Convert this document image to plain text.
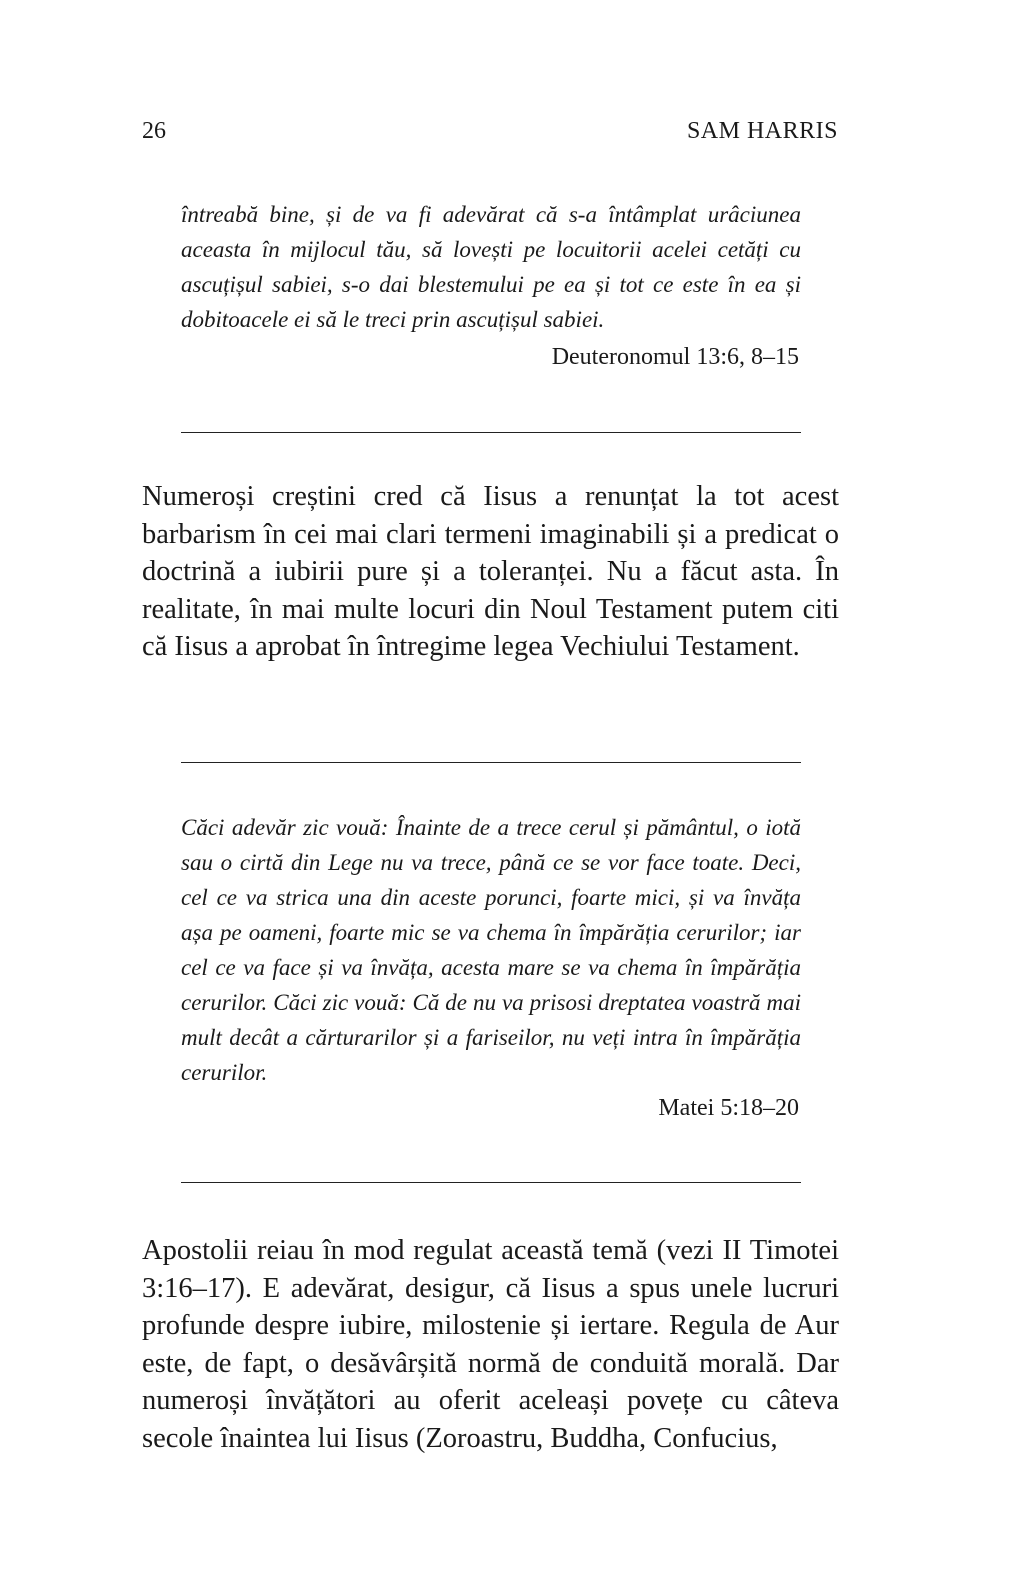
26	SAM HARRIS
întreabă bine, și de va fi adevărat că s-a întâmplat urâciunea aceasta în mijlocul tău, să lovești pe locuitorii acelei cetăți cu ascuțișul sabiei, s-o dai blestemului pe ea și tot ce este în ea și dobitoacele ei să le treci prin ascuțișul sabiei.
Deuteronomul 13:6, 8–15
Numeroși creștini cred că Iisus a renunțat la tot acest barbarism în cei mai clari termeni imaginabili și a predicat o doctrină a iubirii pure și a toleranței. Nu a făcut asta. În realitate, în mai multe locuri din Noul Testament putem citi că Iisus a aprobat în întregime legea Vechiului Testament.
Căci adevăr zic vouă: Înainte de a trece cerul și pământul, o iotă sau o cirtă din Lege nu va trece, până ce se vor face toate. Deci, cel ce va strica una din aceste porunci, foarte mici, și va învăța așa pe oameni, foarte mic se va chema în împărăția cerurilor; iar cel ce va face și va învăța, acesta mare se va chema în împărăția cerurilor. Căci zic vouă: Că de nu va prisosi dreptatea voastră mai mult decât a cărturarilor și a fariseilor, nu veți intra în împărăția cerurilor.
Matei 5:18–20
Apostolii reiau în mod regulat această temă (vezi II Timotei 3:16–17). E adevărat, desigur, că Iisus a spus unele lucruri profunde despre iubire, milostenie și iertare. Regula de Aur este, de fapt, o desăvârșită normă de conduită morală. Dar numeroși învățători au oferit aceleași povețe cu câteva secole înaintea lui Iisus (Zoroastru, Buddha, Confucius,
